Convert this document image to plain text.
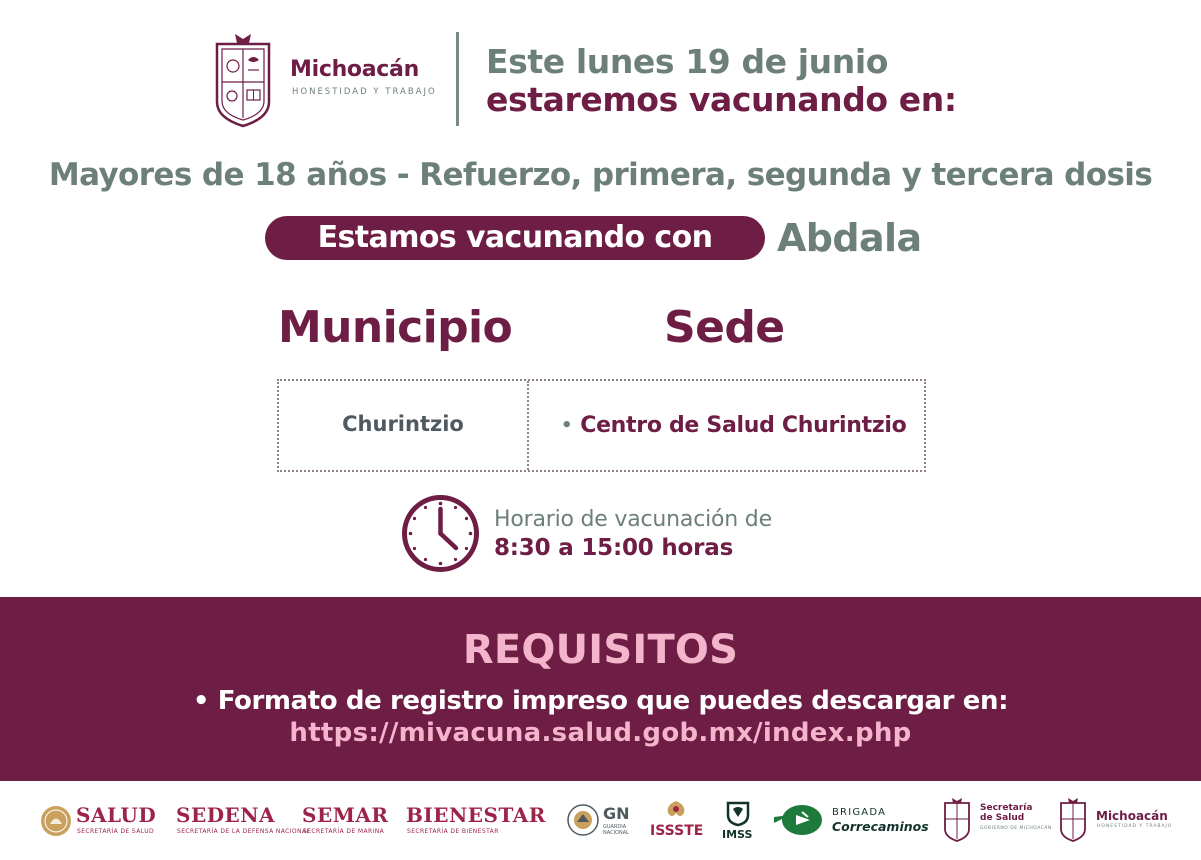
Michoacán
HONESTIDAD Y TRABAJO
Este lunes 19 de junio
estaremos vacunando en:
Mayores de 18 años - Refuerzo, primera, segunda y tercera dosis
Estamos vacunando con	Abdala
Municipio	Sede
Churintzio	• Centro de Salud Churintzio
Horario de vacunación de
8:30 a 15:00 horas
REQUISITOS
• Formato de registro impreso que puedes descargar en:
https://mivacuna.salud.gob.mx/index.php
SALUD
SECRETARÍA DE SALUD
SEDENA
SECRETARÍA DE LA DEFENSA NACIONAL
SEMAR
SECRETARÍA DE MARINA
BIENESTAR
SECRETARÍA DE BIENESTAR
GN
GUARDIA
NACIONAL ISSSTE IMSS
BRIGADA
Correcaminos
Secretaría
de Salud
GOBIERNO DE MICHOACÁN
Michoacán
HONESTIDAD Y TRABAJO
